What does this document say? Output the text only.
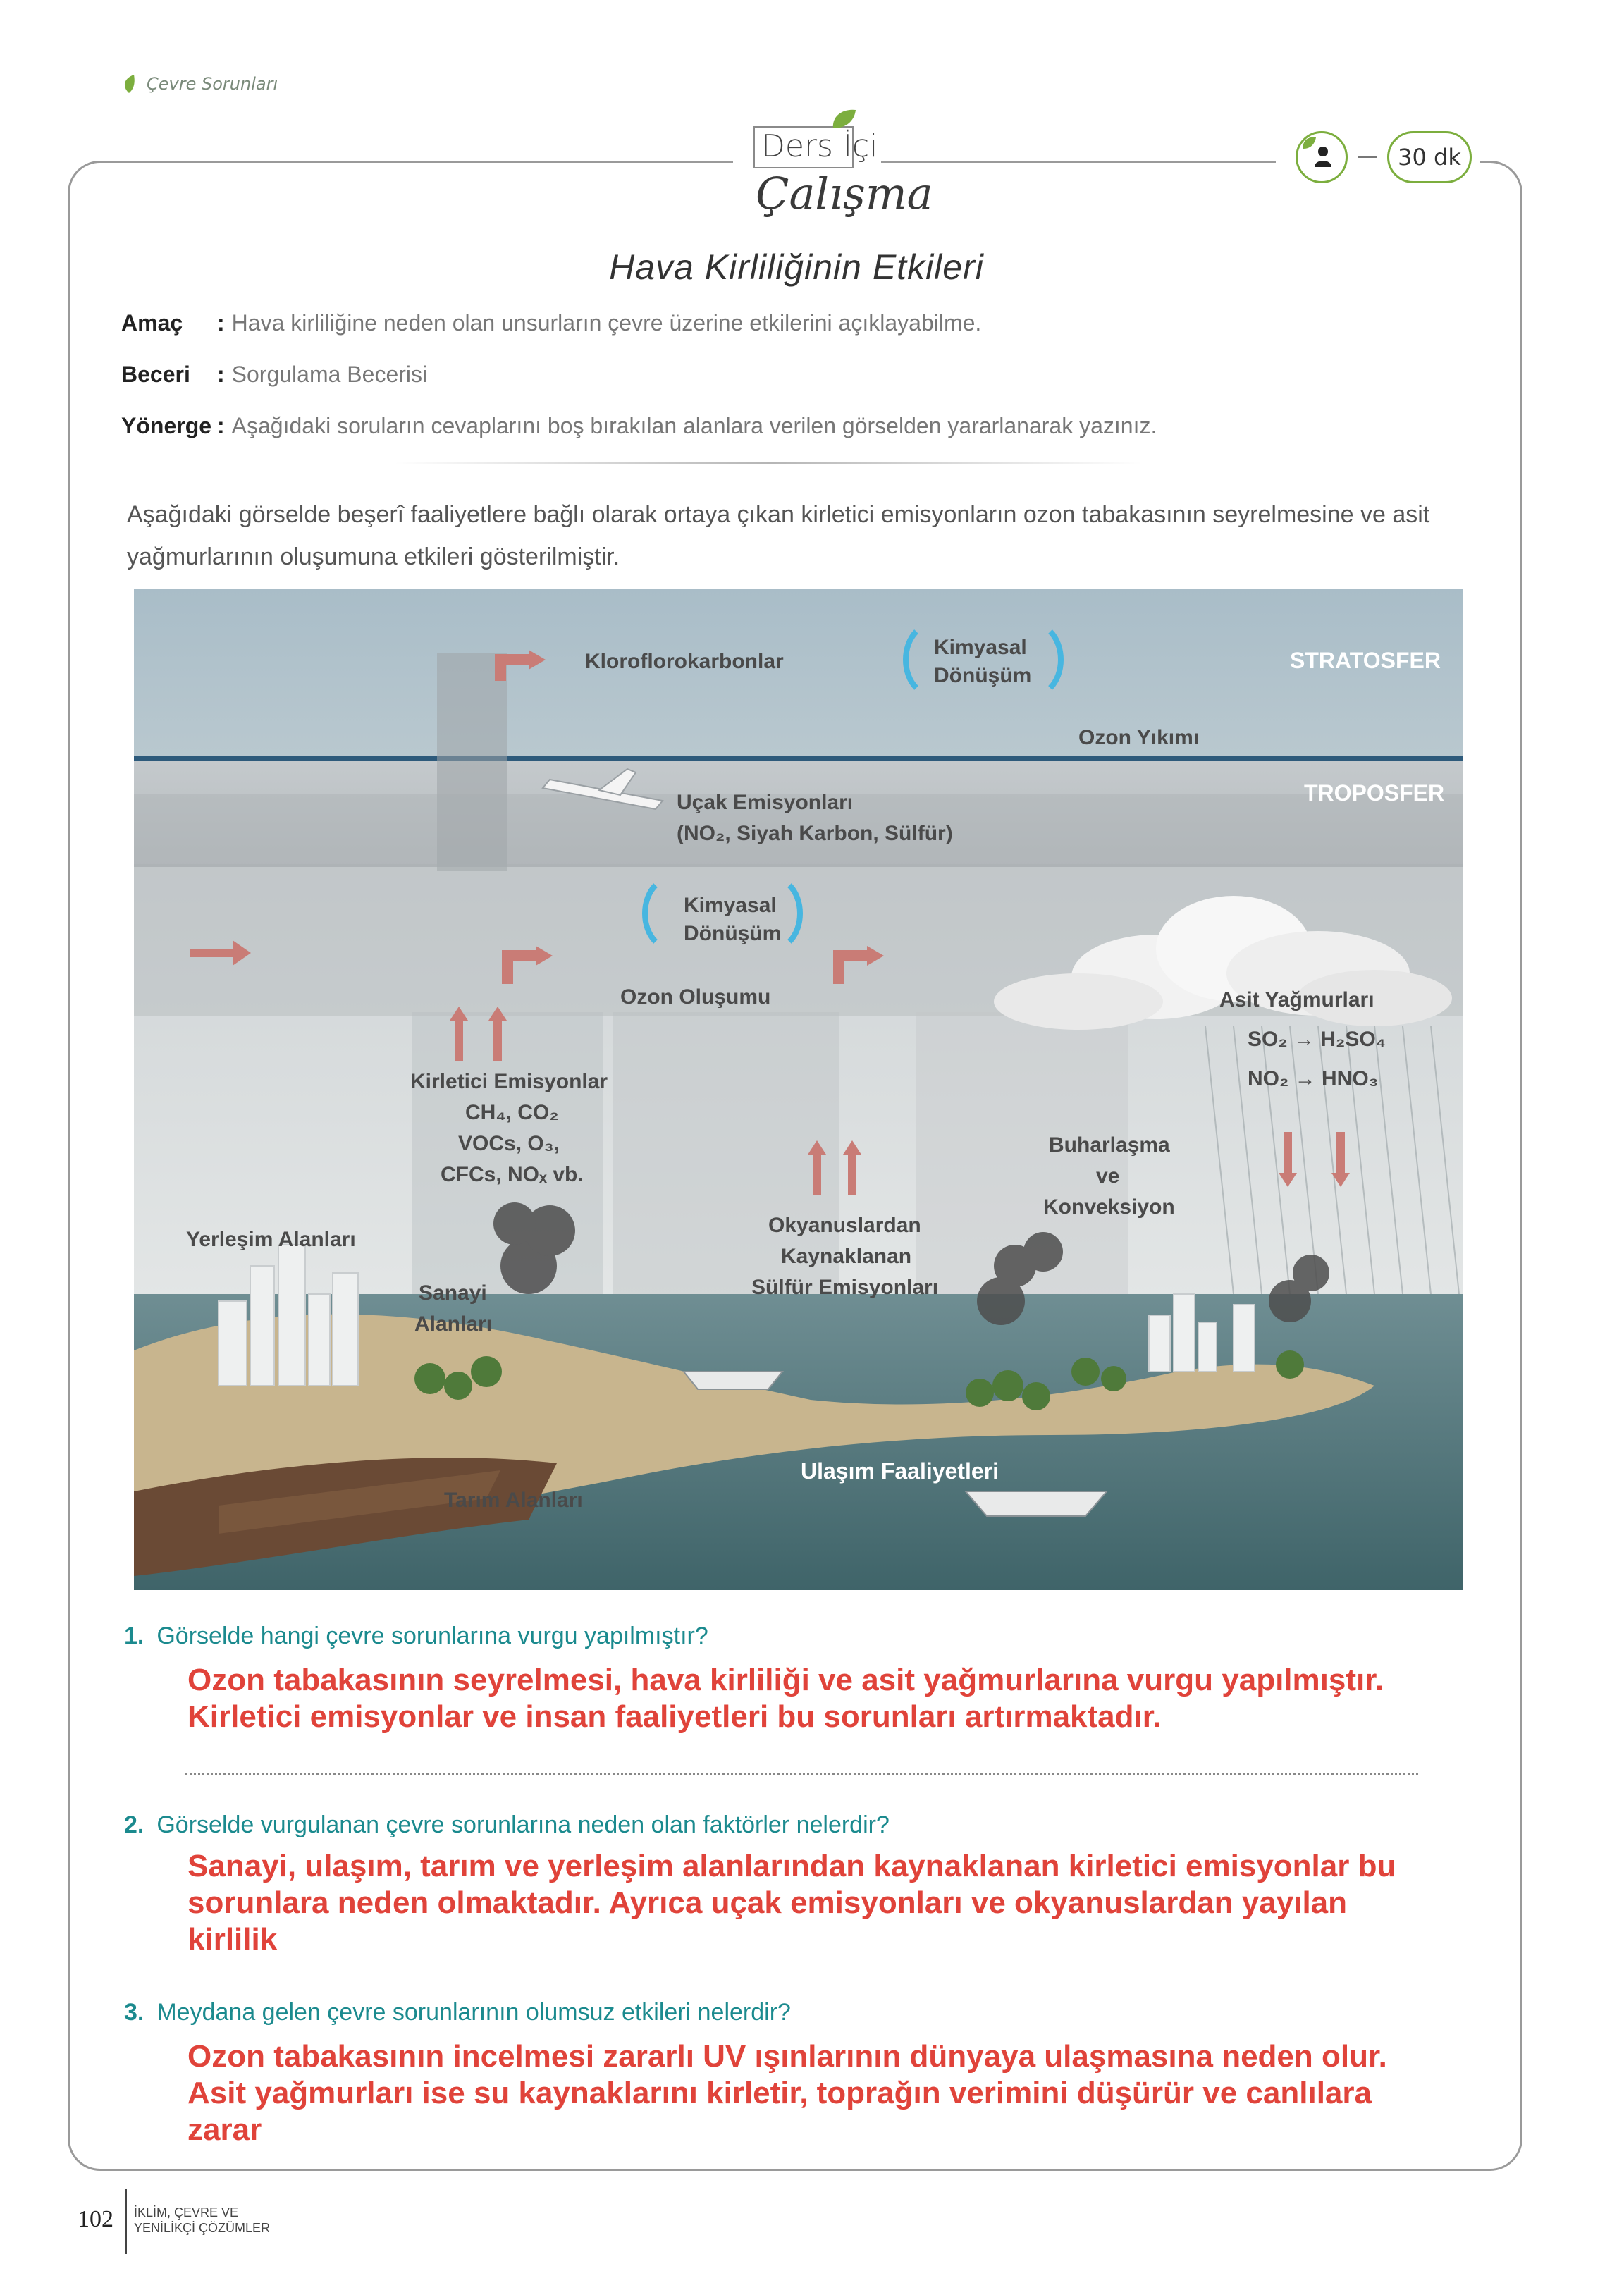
Çevre Sorunları
Ders İçi
Çalışma
30 dk
Hava Kirliliğinin Etkileri
Amaç : Hava kirliliğine neden olan unsurların çevre üzerine etkilerini açıklayabilme.
Beceri : Sorgulama Becerisi
Yönerge : Aşağıdaki soruların cevaplarını boş bırakılan alanlara verilen görselden yararlanarak yazınız.
Aşağıdaki görselde beşerî faaliyetlere bağlı olarak ortaya çıkan kirletici emisyonların ozon tabakasının seyrelmesine ve asit yağmurlarının oluşumuna etkileri gösterilmiştir.
STRATOSFER
TROPOSFER
Kloroflorokarbonlar
Kimyasal
Dönüşüm
Ozon Yıkımı
Uçak Emisyonları
(NO₂, Siyah Karbon, Sülfür)
Kimyasal
Dönüşüm
Ozon Oluşumu	Asit Yağmurları
SO₂ → H₂SO₄
NO₂ → HNO₃
Kirletici Emisyonlar
CH₄, CO₂
VOCs, O₃,
CFCs, NOₓ vb.
Buharlaşma
ve
Konveksiyon
Yerleşim Alanları
Okyanuslardan
Kaynaklanan
Sülfür Emisyonları
Sanayi
Alanları
Ulaşım Faaliyetleri
Tarım Alanları
1. Görselde hangi çevre sorunlarına vurgu yapılmıştır?
Ozon tabakasının seyrelmesi, hava kirliliği ve asit yağmurlarına vurgu yapılmıştır. Kirletici emisyonlar ve insan faaliyetleri bu sorunları artırmaktadır.
2. Görselde vurgulanan çevre sorunlarına neden olan faktörler nelerdir?
Sanayi, ulaşım, tarım ve yerleşim alanlarından kaynaklanan kirletici emisyonlar bu sorunlara neden olmaktadır. Ayrıca uçak emisyonları ve okyanuslardan yayılan kirlilik
3. Meydana gelen çevre sorunlarının olumsuz etkileri nelerdir?
Ozon tabakasının incelmesi zararlı UV ışınlarının dünyaya ulaşmasına neden olur. Asit yağmurları ise su kaynaklarını kirletir, toprağın verimini düşürür ve canlılara zarar
102 İKLİM, ÇEVRE VE
YENİLİKÇİ ÇÖZÜMLER
